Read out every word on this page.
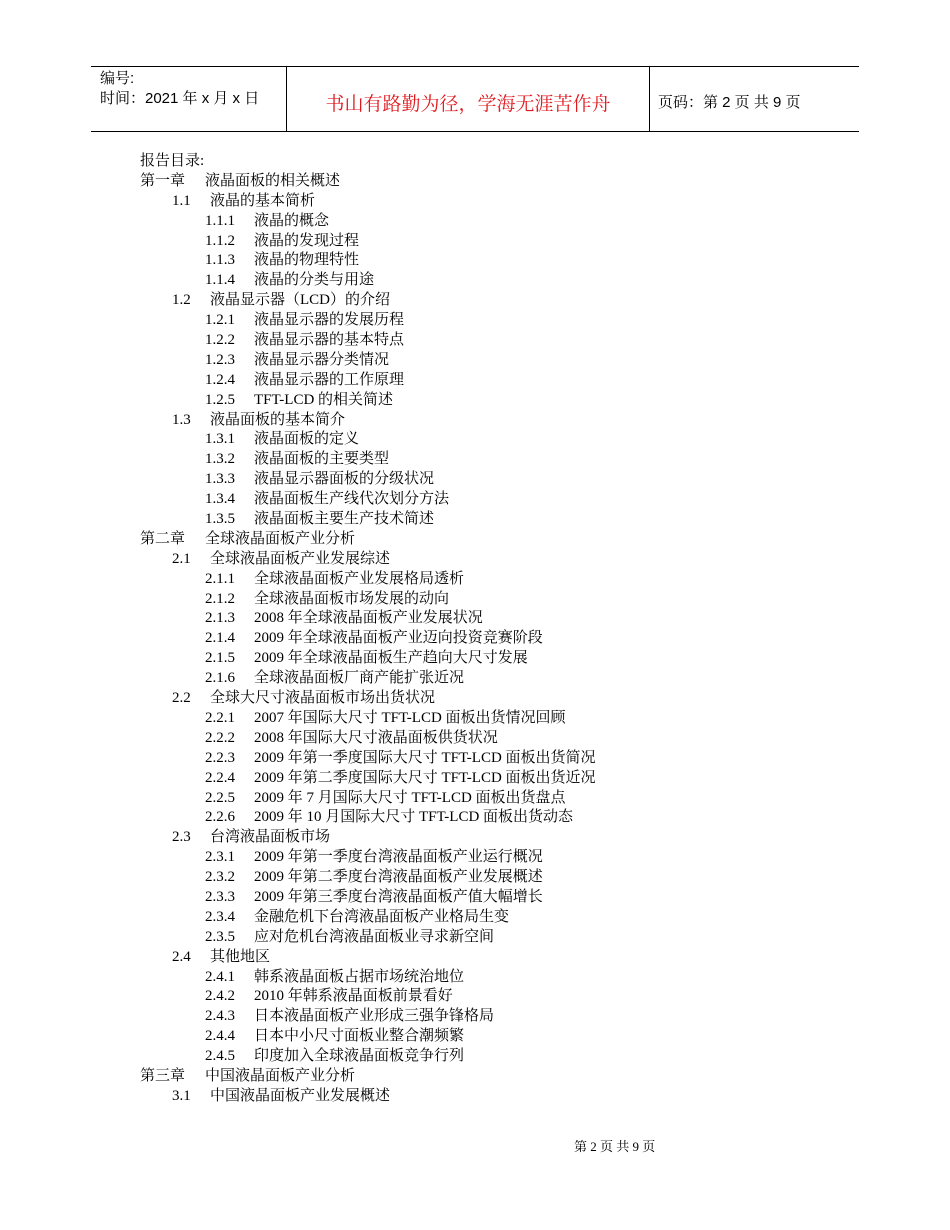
编号:
时间：2021 年 x 月 x 日	书山有路勤为径，学海无涯苦作舟	页码：第 2 页 共 9 页
报告目录:
第一章	液晶面板的相关概述
1.1	液晶的基本简析
1.1.1	液晶的概念
1.1.2	液晶的发现过程
1.1.3	液晶的物理特性
1.1.4	液晶的分类与用途
1.2	液晶显示器（LCD）的介绍
1.2.1	液晶显示器的发展历程
1.2.2	液晶显示器的基本特点
1.2.3	液晶显示器分类情况
1.2.4	液晶显示器的工作原理
1.2.5	TFT-LCD 的相关简述
1.3	液晶面板的基本简介
1.3.1	液晶面板的定义
1.3.2	液晶面板的主要类型
1.3.3	液晶显示器面板的分级状况
1.3.4	液晶面板生产线代次划分方法
1.3.5	液晶面板主要生产技术简述
第二章	全球液晶面板产业分析
2.1	全球液晶面板产业发展综述
2.1.1	全球液晶面板产业发展格局透析
2.1.2	全球液晶面板市场发展的动向
2.1.3	2008 年全球液晶面板产业发展状况
2.1.4	2009 年全球液晶面板产业迈向投资竞赛阶段
2.1.5	2009 年全球液晶面板生产趋向大尺寸发展
2.1.6	全球液晶面板厂商产能扩张近况
2.2	全球大尺寸液晶面板市场出货状况
2.2.1	2007 年国际大尺寸 TFT-LCD 面板出货情况回顾
2.2.2	2008 年国际大尺寸液晶面板供货状况
2.2.3	2009 年第一季度国际大尺寸 TFT-LCD 面板出货简况
2.2.4	2009 年第二季度国际大尺寸 TFT-LCD 面板出货近况
2.2.5	2009 年 7 月国际大尺寸 TFT-LCD 面板出货盘点
2.2.6	2009 年 10 月国际大尺寸 TFT-LCD 面板出货动态
2.3	台湾液晶面板市场
2.3.1	2009 年第一季度台湾液晶面板产业运行概况
2.3.2	2009 年第二季度台湾液晶面板产业发展概述
2.3.3	2009 年第三季度台湾液晶面板产值大幅增长
2.3.4	金融危机下台湾液晶面板产业格局生变
2.3.5	应对危机台湾液晶面板业寻求新空间
2.4	其他地区
2.4.1	韩系液晶面板占据市场统治地位
2.4.2	2010 年韩系液晶面板前景看好
2.4.3	日本液晶面板产业形成三强争锋格局
2.4.4	日本中小尺寸面板业整合潮频繁
2.4.5	印度加入全球液晶面板竞争行列
第三章	中国液晶面板产业分析
3.1	中国液晶面板产业发展概述
第 2 页 共 9 页
